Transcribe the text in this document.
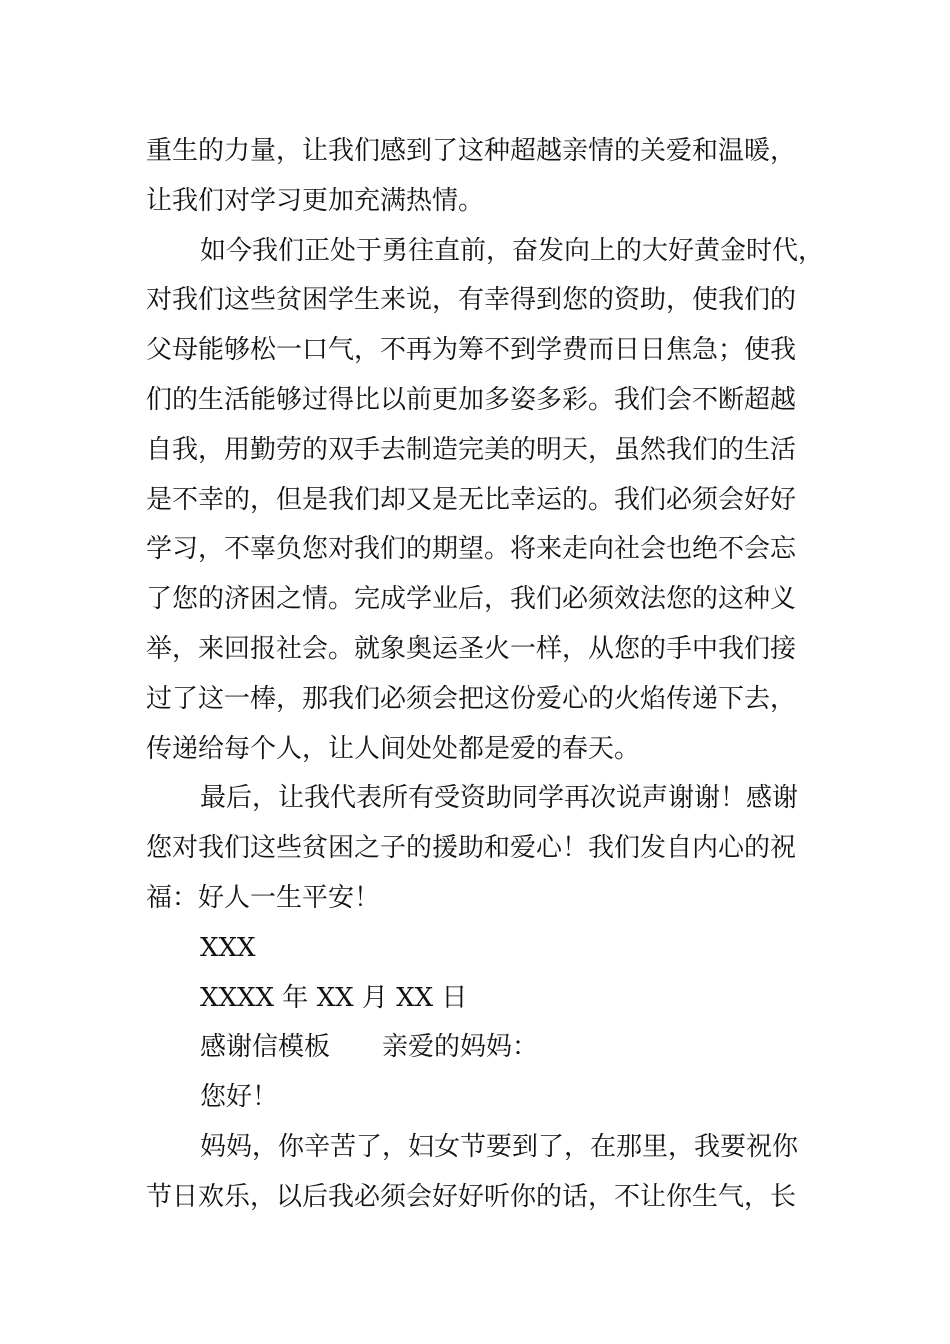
重生的力量，让我们感到了这种超越亲情的关爱和温暖，
让我们对学习更加充满热情。
如今我们正处于勇往直前，奋发向上的大好黄金时代，
对我们这些贫困学生来说，有幸得到您的资助，使我们的
父母能够松一口气，不再为筹不到学费而日日焦急；使我
们的生活能够过得比以前更加多姿多彩。我们会不断超越
自我，用勤劳的双手去制造完美的明天，虽然我们的生活
是不幸的，但是我们却又是无比幸运的。我们必须会好好
学习，不辜负您对我们的期望。将来走向社会也绝不会忘
了您的济困之情。完成学业后，我们必须效法您的这种义
举，来回报社会。就象奥运圣火一样，从您的手中我们接
过了这一棒，那我们必须会把这份爱心的火焰传递下去，
传递给每个人，让人间处处都是爱的春天。
最后，让我代表所有受资助同学再次说声谢谢！感谢
您对我们这些贫困之子的援助和爱心！我们发自内心的祝
福：好人一生平安！
XXX
XXXX 年 XX 月 XX 日
感谢信模板　　亲爱的妈妈：
您好！
妈妈，你辛苦了，妇女节要到了，在那里，我要祝你
节日欢乐，以后我必须会好好听你的话，不让你生气，长
